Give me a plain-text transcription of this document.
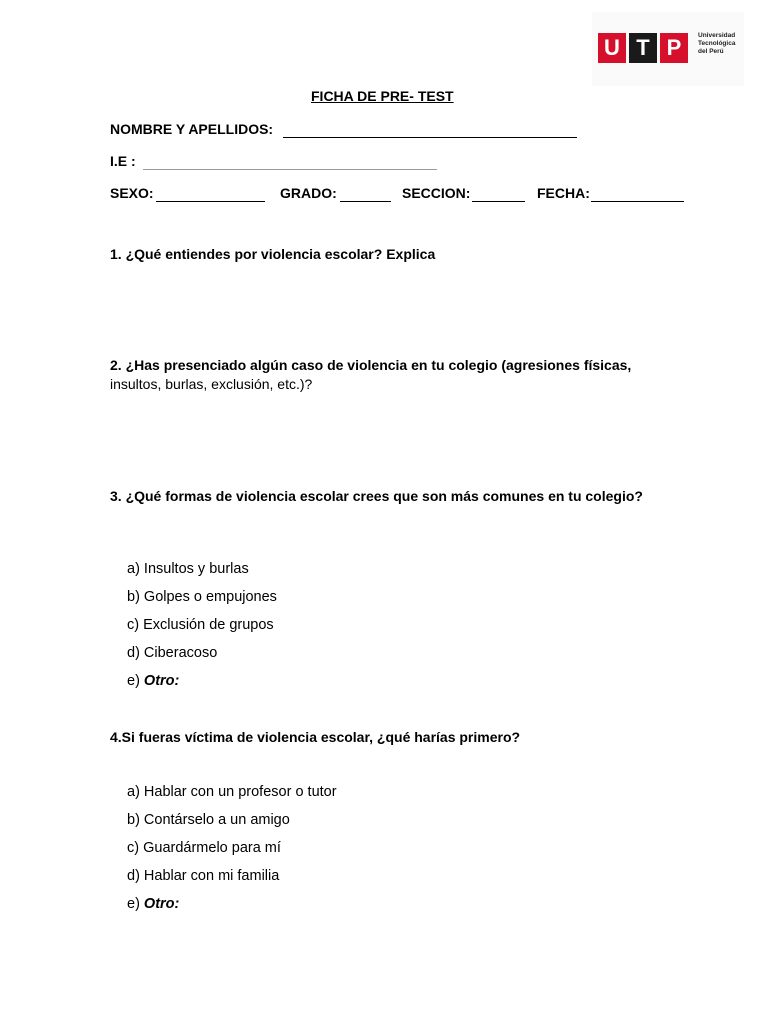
U T P	Universidad
Tecnológica
del Perú
FICHA DE PRE- TEST
NOMBRE Y APELLIDOS:
I.E :
SEXO:	GRADO:	SECCION:	FECHA:
1. ¿Qué entiendes por violencia escolar? Explica
2. ¿Has presenciado algún caso de violencia en tu colegio (agresiones físicas, insultos, burlas, exclusión, etc.)?
3. ¿Qué formas de violencia escolar crees que son más comunes en tu colegio?
a) Insultos y burlas
b) Golpes o empujones
c) Exclusión de grupos
d) Ciberacoso
e) Otro:
4.Si fueras víctima de violencia escolar, ¿qué harías primero?
a) Hablar con un profesor o tutor
b) Contárselo a un amigo
c) Guardármelo para mí
d) Hablar con mi familia
e) Otro:
